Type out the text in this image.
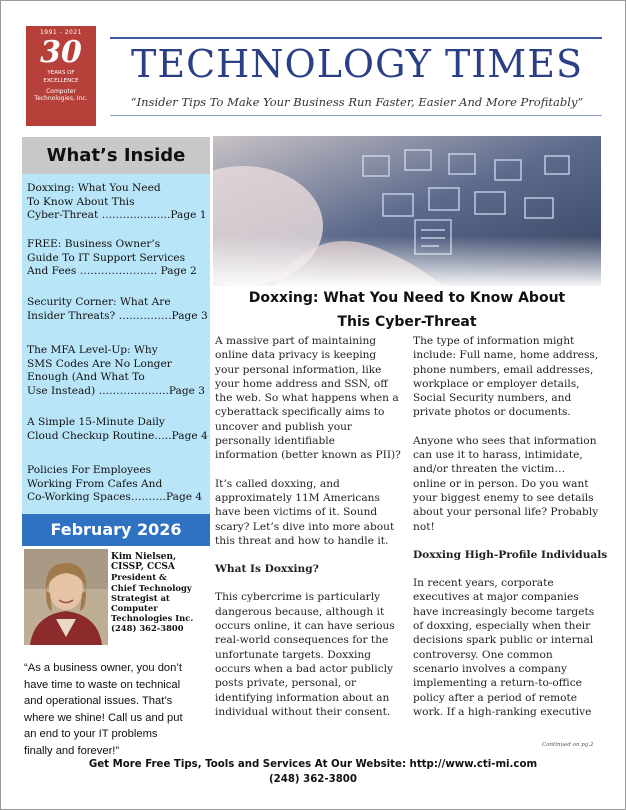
1991 - 2021
30
YEARS OF
EXCELLENCE
Computer
Technologies, Inc.
TECHNOLOGY TIMES
“Insider Tips To Make Your Business Run Faster, Easier And More Profitably”
What’s Inside
Doxxing: What You Need
To Know About This
Cyber-Threat ………...........Page 1
FREE: Business Owner’s
Guide To IT Support Services
And Fees …………………. Page 2
Security Corner: What Are
Insider Threats? ……………Page 3
The MFA Level-Up: Why
SMS Codes Are No Longer
Enough (And What To
Use Instead) ………………..Page 3
A Simple 15-Minute Daily
Cloud Checkup Routine…..Page 4
Policies For Employees
Working From Cafes And
Co-Working Spaces……….Page 4
February 2026
Kim Nielsen,
CISSP, CCSA
President &
Chief Technology
Strategist at
Computer
Technologies Inc.
(248) 362-3800
“As a business owner, you don’t
have time to waste on technical
and operational issues. That’s
where we shine! Call us and put
an end to your IT problems
finally and forever!”
Doxxing: What You Need to Know About
This Cyber-Threat
A massive part of maintaining
online data privacy is keeping
your personal information, like
your home address and SSN, off
the web. So what happens when a
cyberattack specifically aims to
uncover and publish your
personally identifiable
information (better known as PII)?
It’s called doxxing, and
approximately 11M Americans
have been victims of it. Sound
scary? Let’s dive into more about
this threat and how to handle it.
What Is Doxxing?
This cybercrime is particularly
dangerous because, although it
occurs online, it can have serious
real-world consequences for the
unfortunate targets. Doxxing
occurs when a bad actor publicly
posts private, personal, or
identifying information about an
individual without their consent.
The type of information might
include: Full name, home address,
phone numbers, email addresses,
workplace or employer details,
Social Security numbers, and
private photos or documents.
Anyone who sees that information
can use it to harass, intimidate,
and/or threaten the victim…
online or in person. Do you want
your biggest enemy to see details
about your personal life? Probably
not!
Doxxing High-Profile Individuals
In recent years, corporate
executives at major companies
have increasingly become targets
of doxxing, especially when their
decisions spark public or internal
controversy. One common
scenario involves a company
implementing a return-to-office
policy after a period of remote
work. If a high-ranking executive
Continued on pg.2
Get More Free Tips, Tools and Services At Our Website: http://www.cti-mi.com
(248) 362-3800
